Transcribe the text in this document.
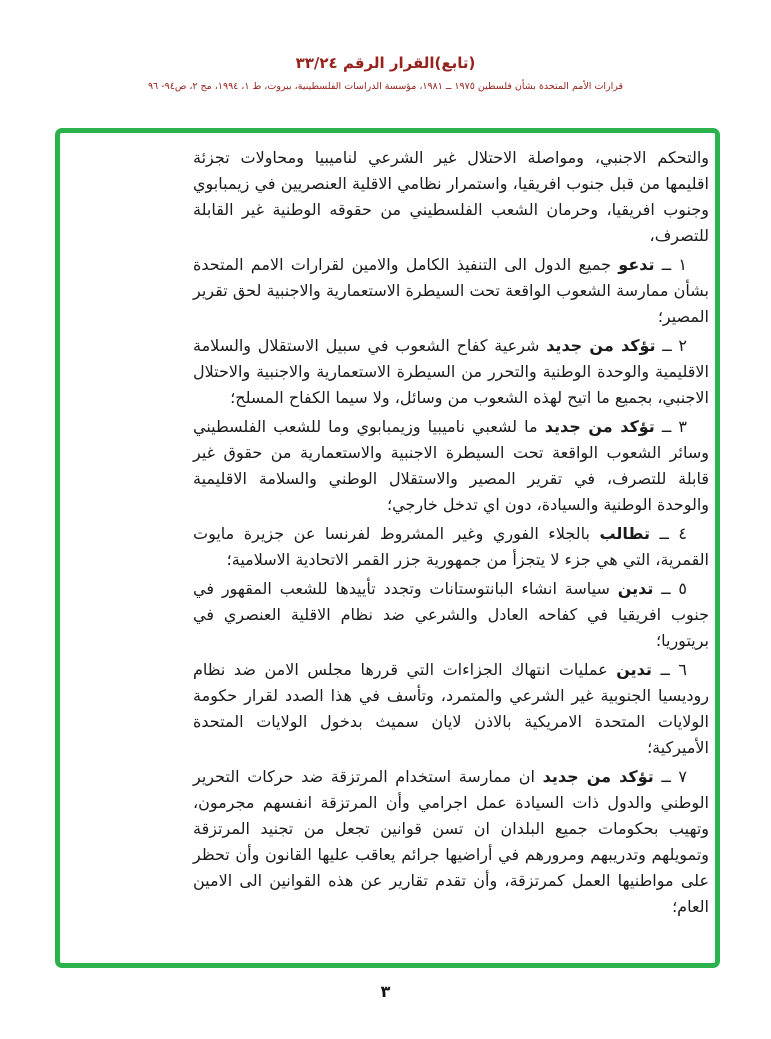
(تابع)القرار الرقم ٣٣/٢٤
قرارات الأمم المتحدة بشأن فلسطين ١٩٧٥ ــ ١٩٨١، مؤسسة الدراسات الفلسطينية، بيروت، ط ١، ١٩٩٤، مج ٢، ص٩٤- ٩٦

والتحكم الاجنبي، ومواصلة الاحتلال غير الشرعي لناميبيا ومحاولات تجزئة اقليمها من قبل جنوب افريقيا، واستمرار نظامي الاقلية العنصريين في زيمبابوي وجنوب افريقيا، وحرمان الشعب الفلسطيني من حقوقه الوطنية غير القابلة للتصرف،

١ ــ تدعو جميع الدول الى التنفيذ الكامل والامين لقرارات الامم المتحدة بشأن ممارسة الشعوب الواقعة تحت السيطرة الاستعمارية والاجنبية لحق تقرير المصير؛

٢ ــ تؤكد من جديد شرعية كفاح الشعوب في سبيل الاستقلال والسلامة الاقليمية والوحدة الوطنية والتحرر من السيطرة الاستعمارية والاجنبية والاحتلال الاجنبي، بجميع ما اتيح لهذه الشعوب من وسائل، ولا سيما الكفاح المسلح؛

٣ ــ تؤكد من جديد ما لشعبي ناميبيا وزيمبابوي وما للشعب الفلسطيني وسائر الشعوب الواقعة تحت السيطرة الاجنبية والاستعمارية من حقوق غير قابلة للتصرف، في تقرير المصير والاستقلال الوطني والسلامة الاقليمية والوحدة الوطنية والسيادة، دون اي تدخل خارجي؛

٤ ــ تطالب بالجلاء الفوري وغير المشروط لفرنسا عن جزيرة مايوت القمرية، التي هي جزء لا يتجزأ من جمهورية جزر القمر الاتحادية الاسلامية؛

٥ ــ تدين سياسة انشاء البانتوستانات وتجدد تأييدها للشعب المقهور في جنوب افريقيا في كفاحه العادل والشرعي ضد نظام الاقلية العنصري في بريتوريا؛

٦ ــ تدين عمليات انتهاك الجزاءات التي قررها مجلس الامن ضد نظام روديسيا الجنوبية غير الشرعي والمتمرد، وتأسف في هذا الصدد لقرار حكومة الولايات المتحدة الامريكية بالاذن لايان سميث بدخول الولايات المتحدة الأميركية؛

٧ ــ تؤكد من جديد ان ممارسة استخدام المرتزقة ضد حركات التحرير الوطني والدول ذات السيادة عمل اجرامي وأن المرتزقة انفسهم مجرمون، وتهيب بحكومات جميع البلدان ان تسن قوانين تجعل من تجنيد المرتزقة وتمويلهم وتدريبهم ومرورهم في أراضيها جرائم يعاقب عليها القانون وأن تحظر على مواطنيها العمل كمرتزقة، وأن تقدم تقارير عن هذه القوانين الى الامين العام؛

٣
